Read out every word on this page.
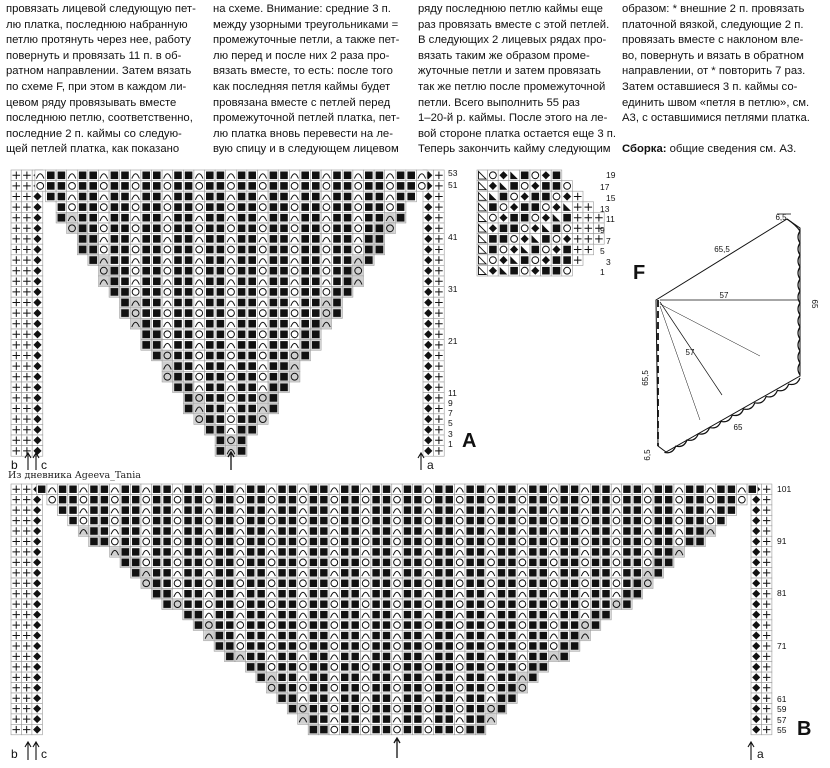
провязать лицевой следующую пет-
лю платка, последнюю набранную
петлю протянуть через нее, работу
повернуть и провязать 11 п. в об-
ратном направлении. Затем вязать
по схеме F, при этом в каждом ли-
цевом ряду провязывать вместе
последнюю петлю, соответственно,
последние 2 п. каймы со следую-
щей петлей платка, как показано
на схеме. Внимание: средние 3 п.
между узорными треугольниками =
промежуточные петли, а также пет-
лю перед и после них 2 раза про-
вязать вместе, то есть: после того
как последняя петля каймы будет
провязана вместе с петлей перед
промежуточной петлей платка, пет-
лю платка вновь перевести на ле-
вую спицу и в следующем лицевом
ряду последнюю петлю каймы еще
раз провязать вместе с этой петлей.
В следующих 2 лицевых рядах про-
вязать таким же образом проме-
жуточные петли и затем провязать
так же петлю после промежуточной
петли. Всего выполнить 55 раз
1–20-й р. каймы. После этого на ле-
вой стороне платка остается еще 3 п.
Теперь закончить кайму следующим
образом: * внешние 2 п. провязать
платочной вязкой, следующие 2 п.
провязать вместе с наклоном вле-
во, повернуть и вязать в обратном
направлении, от * повторить 7 раз.
Затем оставшиеся 3 п. каймы со-
единить швом «петля в петлю», см.
А3, с оставшимися петлями платка.

Сборка: общие сведения см. А3.
53
51
41
31
21
11
9
7
5
3
1
b c	a
19
17
15
13
11
9
7
5
3
1
101
91
81
71
61
59
57
55
b c	a
6,5
65,5
57
57
65
65,5
65
6,5
A
F
B
Из дневника Ageeva_Tania
